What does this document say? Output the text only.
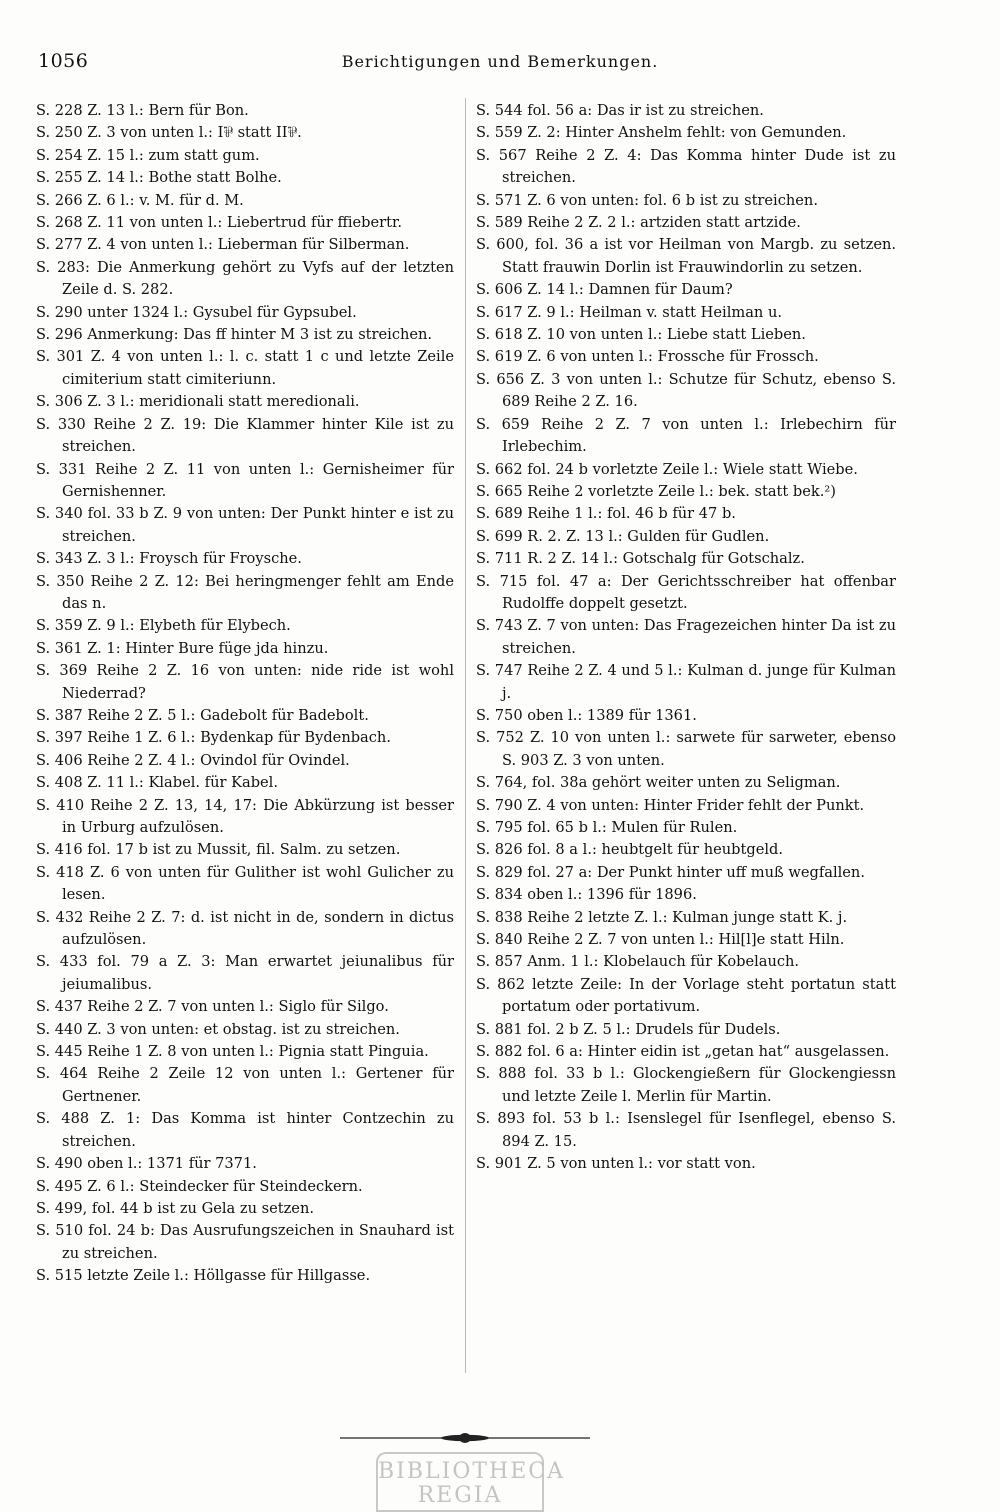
1056	Berichtigungen und Bemerkungen.

S. 228 Z. 13 l.: Bern für Bon.

S. 250 Z. 3 von unten l.: I⅌ statt II⅌.

S. 254 Z. 15 l.: zum statt gum.

S. 255 Z. 14 l.: Bothe statt Bolhe.

S. 266 Z. 6 l.: v. M. für d. M.

S. 268 Z. 11 von unten l.: Liebertrud für ffiebertr.

S. 277 Z. 4 von unten l.: Lieberman für Silberman.

S. 283: Die Anmerkung gehört zu Vyfs auf der letzten Zeile d. S. 282.

S. 290 unter 1324 l.: Gysubel für Gypsubel.

S. 296 Anmerkung: Das ff hinter M 3 ist zu streichen.

S. 301 Z. 4 von unten l.: l. c. statt 1 c und letzte Zeile cimiterium statt cimiteriunn.

S. 306 Z. 3 l.: meridionali statt meredionali.

S. 330 Reihe 2 Z. 19: Die Klammer hinter Kile ist zu streichen.

S. 331 Reihe 2 Z. 11 von unten l.: Gernisheimer für Gernishenner.

S. 340 fol. 33 b Z. 9 von unten: Der Punkt hinter e ist zu streichen.

S. 343 Z. 3 l.: Froysch für Froysche.

S. 350 Reihe 2 Z. 12: Bei heringmenger fehlt am Ende das n.

S. 359 Z. 9 l.: Elybeth für Elybech.

S. 361 Z. 1: Hinter Bure füge jda hinzu.

S. 369 Reihe 2 Z. 16 von unten: nide ride ist wohl Niederrad?

S. 387 Reihe 2 Z. 5 l.: Gadebolt für Badebolt.

S. 397 Reihe 1 Z. 6 l.: Bydenkap für Bydenbach.

S. 406 Reihe 2 Z. 4 l.: Ovindol für Ovindel.

S. 408 Z. 11 l.: Klabel. für Kabel.

S. 410 Reihe 2 Z. 13, 14, 17: Die Abkürzung ist besser in Urburg aufzulösen.

S. 416 fol. 17 b ist zu Mussit, fil. Salm. zu setzen.

S. 418 Z. 6 von unten für Gulither ist wohl Gulicher zu lesen.

S. 432 Reihe 2 Z. 7: d. ist nicht in de, sondern in dictus aufzulösen.

S. 433 fol. 79 a Z. 3: Man erwartet jeiunalibus für jeiumalibus.

S. 437 Reihe 2 Z. 7 von unten l.: Siglo für Silgo.

S. 440 Z. 3 von unten: et obstag. ist zu streichen.

S. 445 Reihe 1 Z. 8 von unten l.: Pignia statt Pinguia.

S. 464 Reihe 2 Zeile 12 von unten l.: Gertener für Gertnener.

S. 488 Z. 1: Das Komma ist hinter Contzechin zu streichen.

S. 490 oben l.: 1371 für 7371.

S. 495 Z. 6 l.: Steindecker für Steindeckern.

S. 499, fol. 44 b ist zu Gela zu setzen.

S. 510 fol. 24 b: Das Ausrufungszeichen in Snauhard ist zu streichen.

S. 515 letzte Zeile l.: Höllgasse für Hillgasse.

S. 544 fol. 56 a: Das ir ist zu streichen.

S. 559 Z. 2: Hinter Anshelm fehlt: von Gemunden.

S. 567 Reihe 2 Z. 4: Das Komma hinter Dude ist zu streichen.

S. 571 Z. 6 von unten: fol. 6 b ist zu streichen.

S. 589 Reihe 2 Z. 2 l.: artziden statt artzide.

S. 600, fol. 36 a ist vor Heilman von Margb. zu setzen. Statt frauwin Dorlin ist Frauwindorlin zu setzen.

S. 606 Z. 14 l.: Damnen für Daum?

S. 617 Z. 9 l.: Heilman v. statt Heilman u.

S. 618 Z. 10 von unten l.: Liebe statt Lieben.

S. 619 Z. 6 von unten l.: Frossche für Frossch.

S. 656 Z. 3 von unten l.: Schutze für Schutz, ebenso S. 689 Reihe 2 Z. 16.

S. 659 Reihe 2 Z. 7 von unten l.: Irlebechirn für Irlebechim.

S. 662 fol. 24 b vorletzte Zeile l.: Wiele statt Wiebe.

S. 665 Reihe 2 vorletzte Zeile l.: bek. statt bek.²)

S. 689 Reihe 1 l.: fol. 46 b für 47 b.

S. 699 R. 2. Z. 13 l.: Gulden für Gudlen.

S. 711 R. 2 Z. 14 l.: Gotschalg für Gotschalz.

S. 715 fol. 47 a: Der Gerichtsschreiber hat offenbar Rudolffe doppelt gesetzt.

S. 743 Z. 7 von unten: Das Fragezeichen hinter Da ist zu streichen.

S. 747 Reihe 2 Z. 4 und 5 l.: Kulman d. junge für Kulman j.

S. 750 oben l.: 1389 für 1361.

S. 752 Z. 10 von unten l.: sarwete für sarweter, ebenso S. 903 Z. 3 von unten.

S. 764, fol. 38a gehört weiter unten zu Seligman.

S. 790 Z. 4 von unten: Hinter Frider fehlt der Punkt.

S. 795 fol. 65 b l.: Mulen für Rulen.

S. 826 fol. 8 a l.: heubtgelt für heubtgeld.

S. 829 fol. 27 a: Der Punkt hinter uff muß wegfallen.

S. 834 oben l.: 1396 für 1896.

S. 838 Reihe 2 letzte Z. l.: Kulman junge statt K. j.

S. 840 Reihe 2 Z. 7 von unten l.: Hil[l]e statt Hiln.

S. 857 Anm. 1 l.: Klobelauch für Kobelauch.

S. 862 letzte Zeile: In der Vorlage steht portatun statt portatum oder portativum.

S. 881 fol. 2 b Z. 5 l.: Drudels für Dudels.

S. 882 fol. 6 a: Hinter eidin ist „getan hat“ ausgelassen.

S. 888 fol. 33 b l.: Glockengießern für Glockengiessn und letzte Zeile l. Merlin für Martin.

S. 893 fol. 53 b l.: Isenslegel für Isenflegel, ebenso S. 894 Z. 15.

S. 901 Z. 5 von unten l.: vor statt von.

BIBLIOTHECA
REGIA
